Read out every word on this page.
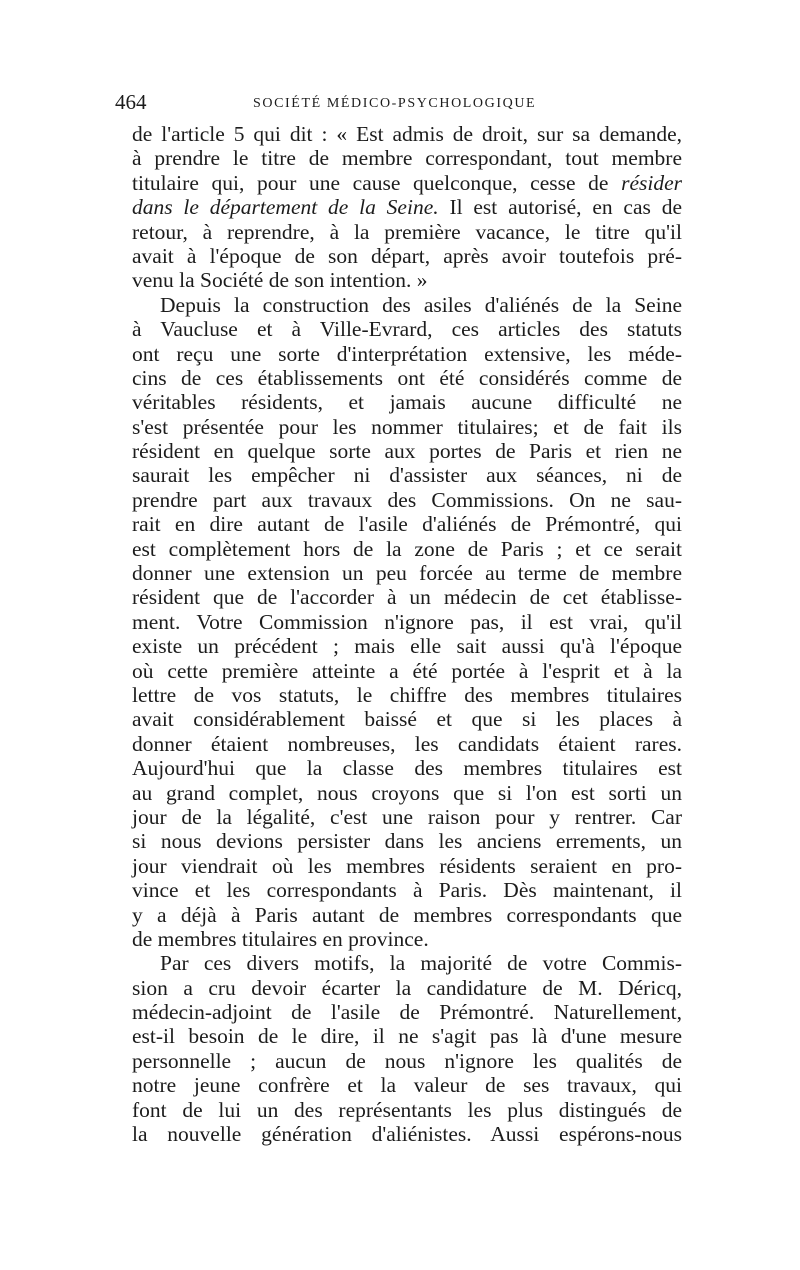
464	SOCIÉTÉ MÉDICO-PSYCHOLOGIQUE
de l'article 5 qui dit : « Est admis de droit, sur sa demande,
à prendre le titre de membre correspondant, tout membre
titulaire qui, pour une cause quelconque, cesse de résider
dans le département de la Seine. Il est autorisé, en cas de
retour, à reprendre, à la première vacance, le titre qu'il
avait à l'époque de son départ, après avoir toutefois pré-
venu la Société de son intention. »
Depuis la construction des asiles d'aliénés de la Seine
à Vaucluse et à Ville-Evrard, ces articles des statuts
ont reçu une sorte d'interprétation extensive, les méde-
cins de ces établissements ont été considérés comme de
véritables résidents, et jamais aucune difficulté ne
s'est présentée pour les nommer titulaires; et de fait ils
résident en quelque sorte aux portes de Paris et rien ne
saurait les empêcher ni d'assister aux séances, ni de
prendre part aux travaux des Commissions. On ne sau-
rait en dire autant de l'asile d'aliénés de Prémontré, qui
est complètement hors de la zone de Paris ; et ce serait
donner une extension un peu forcée au terme de membre
résident que de l'accorder à un médecin de cet établisse-
ment. Votre Commission n'ignore pas, il est vrai, qu'il
existe un précédent ; mais elle sait aussi qu'à l'époque
où cette première atteinte a été portée à l'esprit et à la
lettre de vos statuts, le chiffre des membres titulaires
avait considérablement baissé et que si les places à
donner étaient nombreuses, les candidats étaient rares.
Aujourd'hui que la classe des membres titulaires est
au grand complet, nous croyons que si l'on est sorti un
jour de la légalité, c'est une raison pour y rentrer. Car
si nous devions persister dans les anciens errements, un
jour viendrait où les membres résidents seraient en pro-
vince et les correspondants à Paris. Dès maintenant, il
y a déjà à Paris autant de membres correspondants que
de membres titulaires en province.
Par ces divers motifs, la majorité de votre Commis-
sion a cru devoir écarter la candidature de M. Déricq,
médecin-adjoint de l'asile de Prémontré. Naturellement,
est-il besoin de le dire, il ne s'agit pas là d'une mesure
personnelle ; aucun de nous n'ignore les qualités de
notre jeune confrère et la valeur de ses travaux, qui
font de lui un des représentants les plus distingués de
la nouvelle génération d'aliénistes. Aussi espérons-nous
